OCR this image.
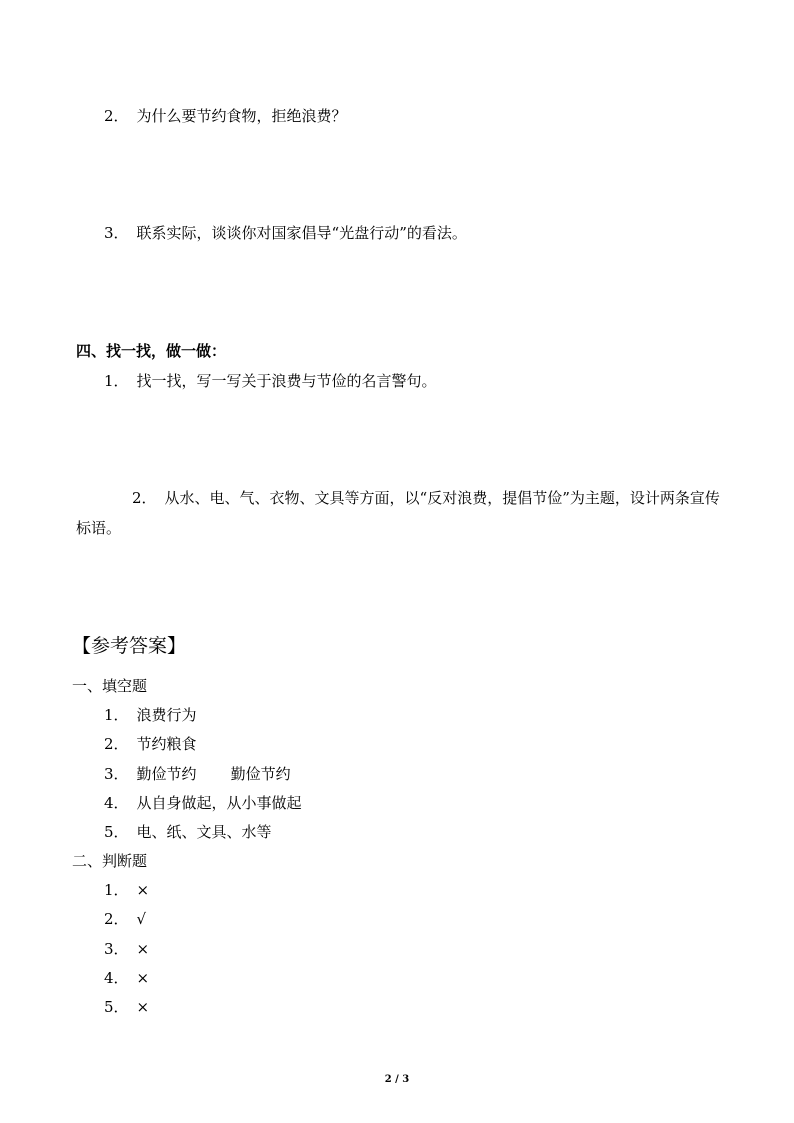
2． 为什么要节约食物，拒绝浪费？
3． 联系实际，谈谈你对国家倡导“光盘行动”的看法。
四、找一找，做一做：
1． 找一找，写一写关于浪费与节俭的名言警句。
2． 从水、电、气、衣物、文具等方面，以“反对浪费，提倡节俭”为主题，设计两条宣传标语。
【参考答案】
一、填空题
1． 浪费行为
2． 节约粮食
3． 勤俭节约 勤俭节约
4． 从自身做起，从小事做起
5． 电、纸、文具、水等
二、判断题
1． ×
2． √
3． ×
4． ×
5． ×
2 / 3
